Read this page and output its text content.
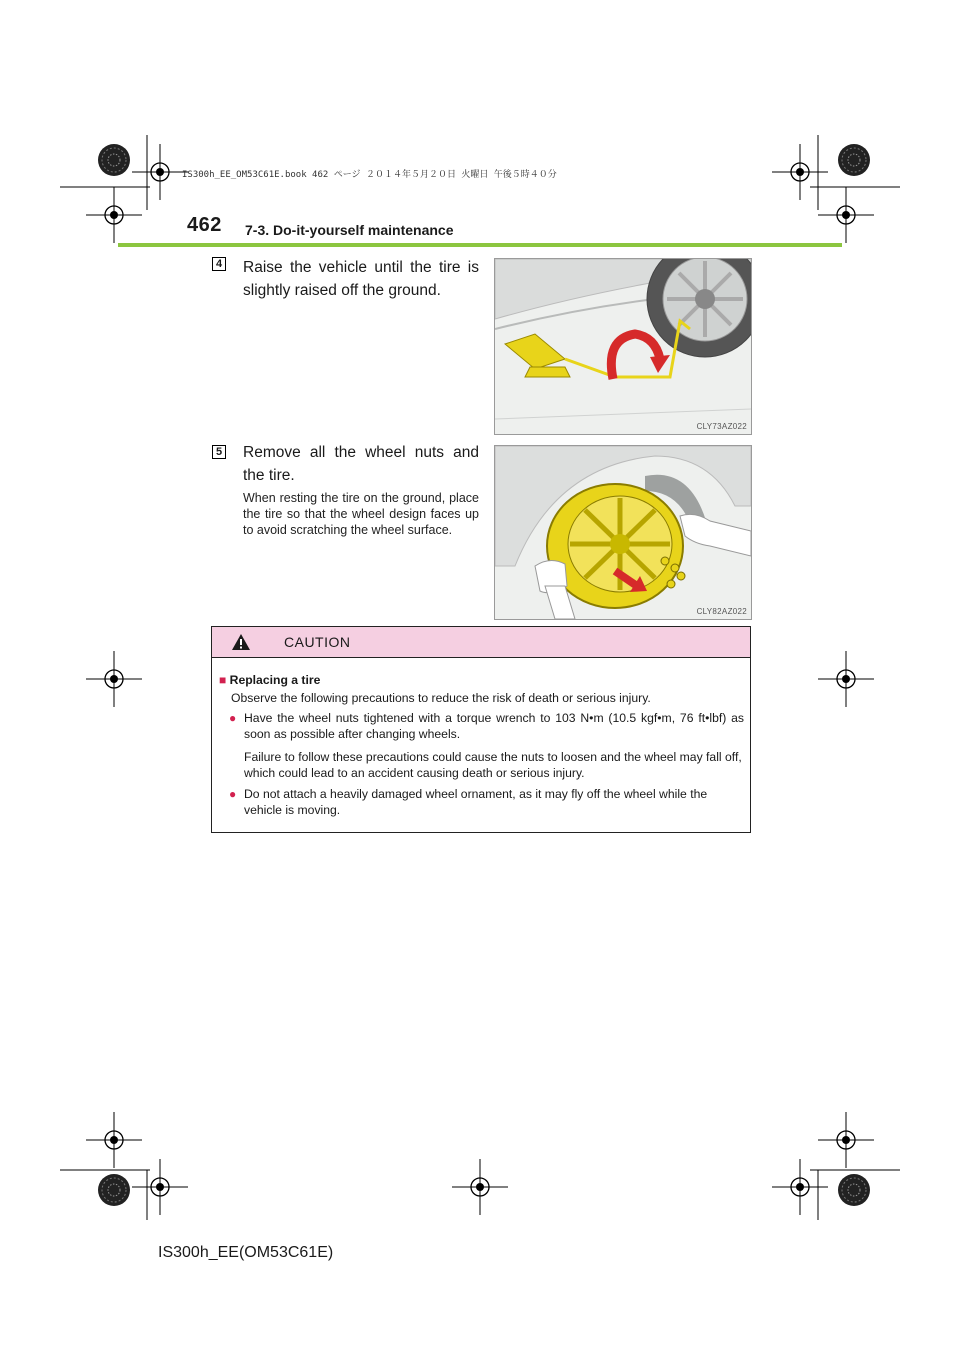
IS300h_EE_OM53C61E.book 462 ページ ２０１４年５月２０日 火曜日 午後５時４０分
462 7-3. Do-it-yourself maintenance
4 Raise the vehicle until the tire is slightly raised off the ground.
CLY73AZ022
5 Remove all the wheel nuts and the tire.
When resting the tire on the ground, place the tire so that the wheel design faces up to avoid scratching the wheel surface.
CLY82AZ022
CAUTION
■ Replacing a tire
Observe the following precautions to reduce the risk of death or serious injury.
● Have the wheel nuts tightened with a torque wrench to 103 N•m (10.5 kgf•m, 76 ft•lbf) as soon as possible after changing wheels.
Failure to follow these precautions could cause the nuts to loosen and the wheel may fall off, which could lead to an accident causing death or serious injury.
● Do not attach a heavily damaged wheel ornament, as it may fly off the wheel while the vehicle is moving.
IS300h_EE(OM53C61E)
